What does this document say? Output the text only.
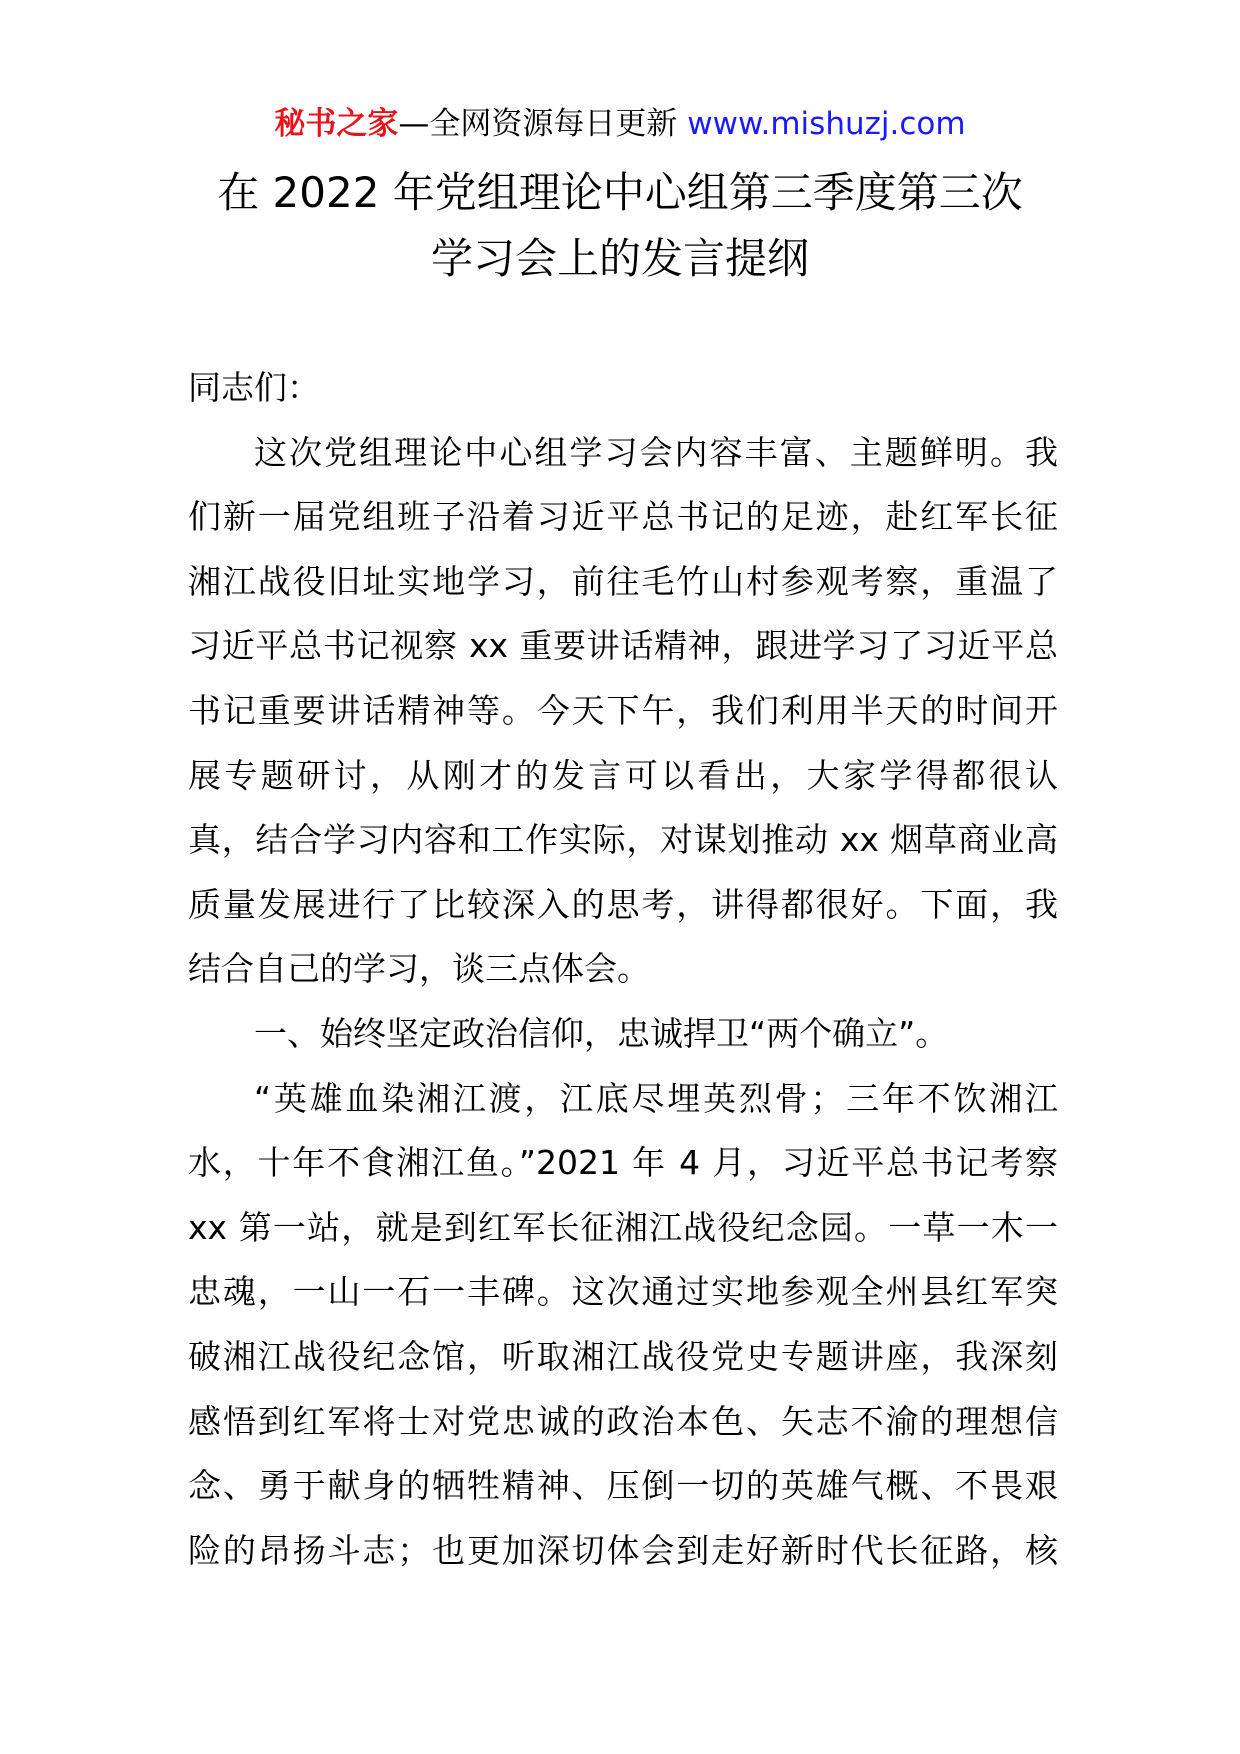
秘书之家—全网资源每日更新 www.mishuzj.com
在 2022 年党组理论中心组第三季度第三次
学习会上的发言提纲
同志们：
这次党组理论中心组学习会内容丰富、主题鲜明。我
们新一届党组班子沿着习近平总书记的足迹，赴红军长征
湘江战役旧址实地学习，前往毛竹山村参观考察，重温了
习近平总书记视察 xx 重要讲话精神，跟进学习了习近平总
书记重要讲话精神等。今天下午，我们利用半天的时间开
展专题研讨，从刚才的发言可以看出，大家学得都很认
真，结合学习内容和工作实际，对谋划推动 xx 烟草商业高
质量发展进行了比较深入的思考，讲得都很好。下面，我
结合自己的学习，谈三点体会。
一、始终坚定政治信仰，忠诚捍卫“两个确立”。
“英雄血染湘江渡，江底尽埋英烈骨；三年不饮湘江
水，十年不食湘江鱼。”2021 年 4 月，习近平总书记考察
xx 第一站，就是到红军长征湘江战役纪念园。一草一木一
忠魂，一山一石一丰碑。这次通过实地参观全州县红军突
破湘江战役纪念馆，听取湘江战役党史专题讲座，我深刻
感悟到红军将士对党忠诚的政治本色、矢志不渝的理想信
念、勇于献身的牺牲精神、压倒一切的英雄气概、不畏艰
险的昂扬斗志；也更加深切体会到走好新时代长征路，核
